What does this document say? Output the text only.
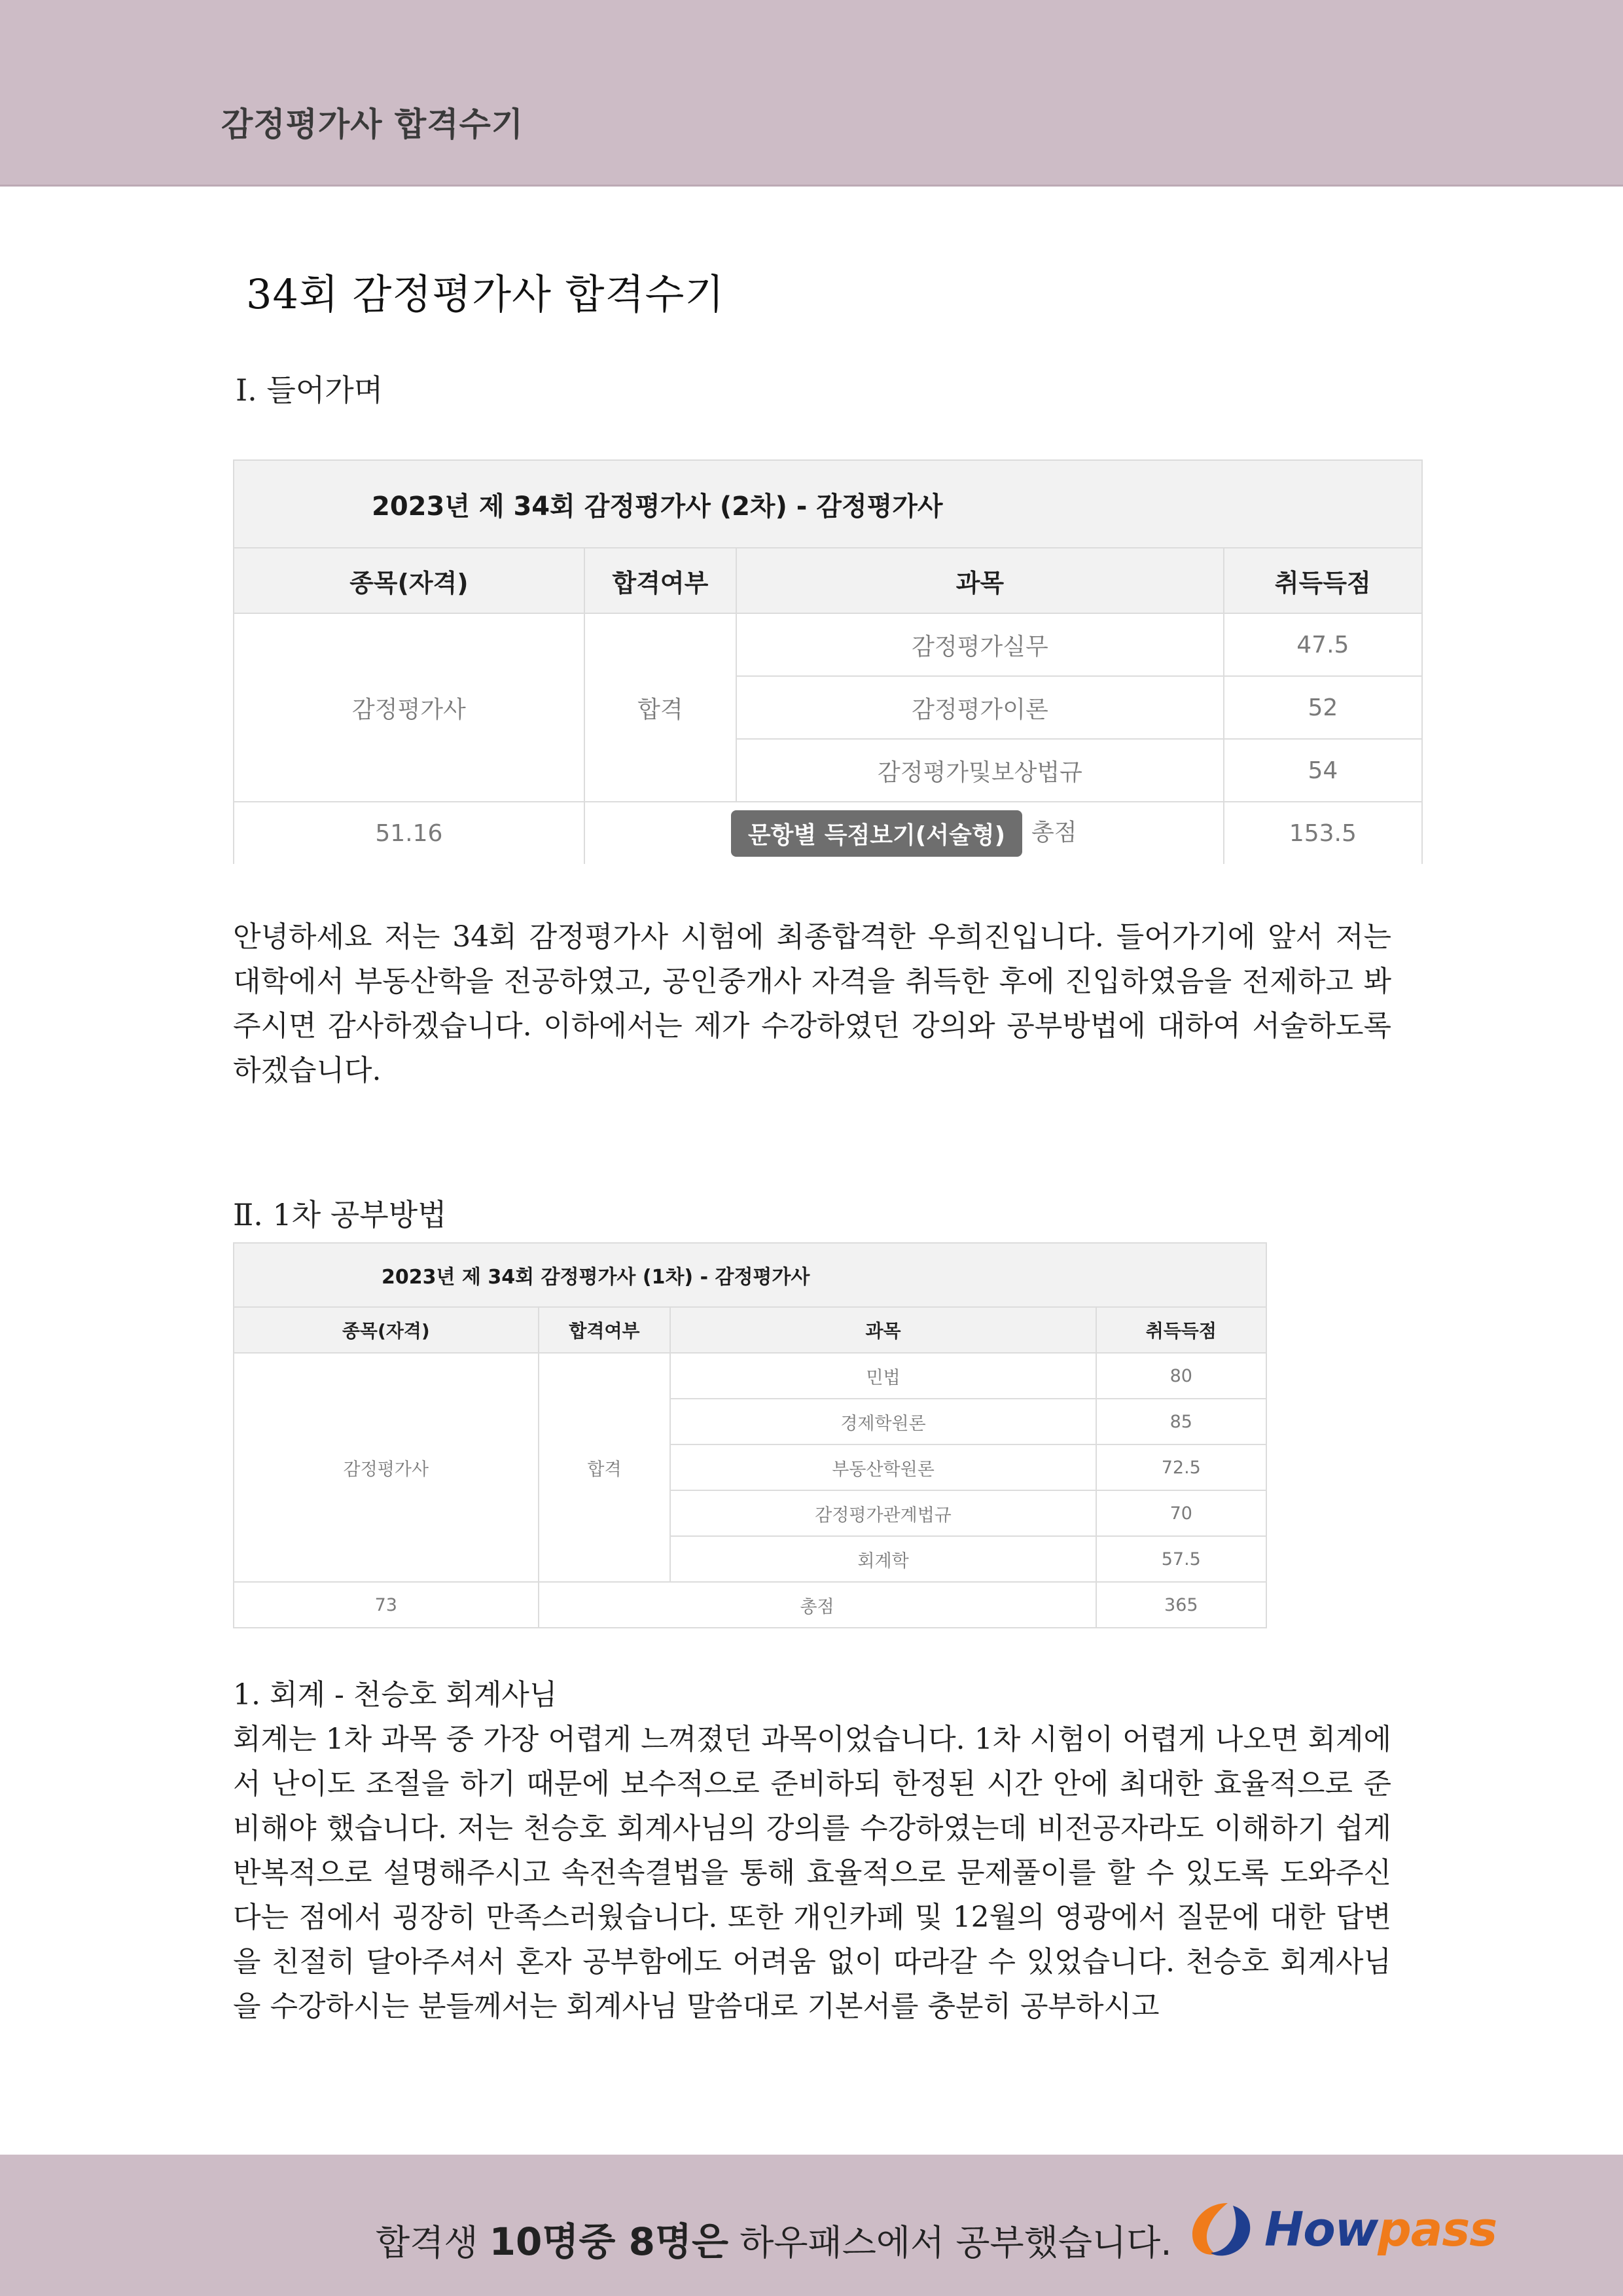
감정평가사 합격수기
34회 감정평가사 합격수기
Ⅰ. 들어가며
2023년 제 34회 감정평가사 (2차) - 감정평가사			
종목(자격)	합격여부	과목	취득득점
감정평가사	합격	감정평가실무	47.5
		감정평가이론	52
		감정평가및보상법규	54
51.16	문항별 득점보기(서술형) 총점		153.5
안녕하세요 저는 34회 감정평가사 시험에 최종합격한 우희진입니다. 들어가기에 앞서 저는 대학에서 부동산학을 전공하였고, 공인중개사 자격을 취득한 후에 진입하였음을 전제하고 봐주시면 감사하겠습니다. 이하에서는 제가 수강하였던 강의와 공부방법에 대하여 서술하도록 하겠습니다.
Ⅱ. 1차 공부방법
2023년 제 34회 감정평가사 (1차) - 감정평가사			
종목(자격)	합격여부	과목	취득득점
감정평가사	합격	민법	80
		경제학원론	85
		부동산학원론	72.5
		감정평가관계법규	70
		회계학	57.5
73	총점		365
1. 회계 - 천승호 회계사님
회계는 1차 과목 중 가장 어렵게 느껴졌던 과목이었습니다. 1차 시험이 어렵게 나오면 회계에서 난이도 조절을 하기 때문에 보수적으로 준비하되 한정된 시간 안에 최대한 효율적으로 준비해야 했습니다. 저는 천승호 회계사님의 강의를 수강하였는데 비전공자라도 이해하기 쉽게 반복적으로 설명해주시고 속전속결법을 통해 효율적으로 문제풀이를 할 수 있도록 도와주신다는 점에서 굉장히 만족스러웠습니다. 또한 개인카페 및 12월의 영광에서 질문에 대한 답변을 친절히 달아주셔서 혼자 공부함에도 어려움 없이 따라갈 수 있었습니다. 천승호 회계사님을 수강하시는 분들께서는 회계사님 말씀대로 기본서를 충분히 공부하시고
합격생 10명중 8명은 하우패스에서 공부했습니다. Howpass
